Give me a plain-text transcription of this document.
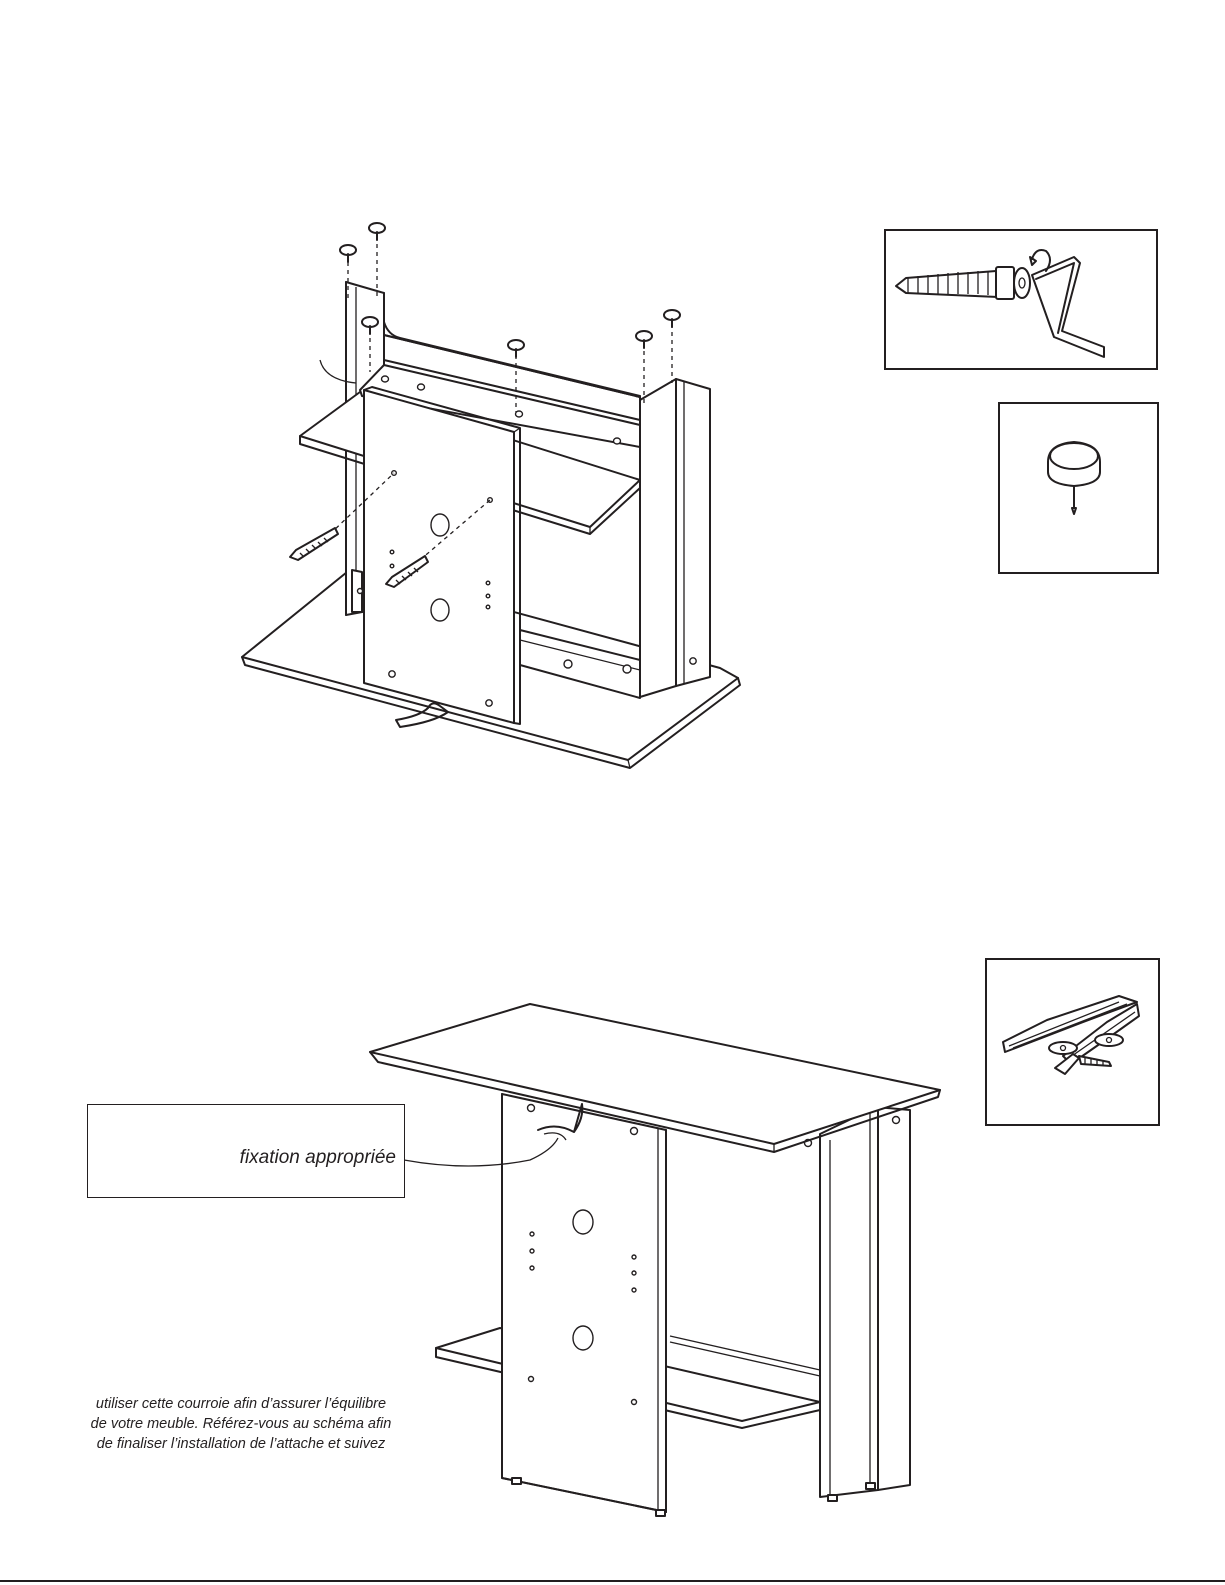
fixation appropriée
utiliser cette courroie afin d’assurer l’équilibre
de votre meuble. Référez-vous au schéma afin
de finaliser l’installation de l’attache et suivez
